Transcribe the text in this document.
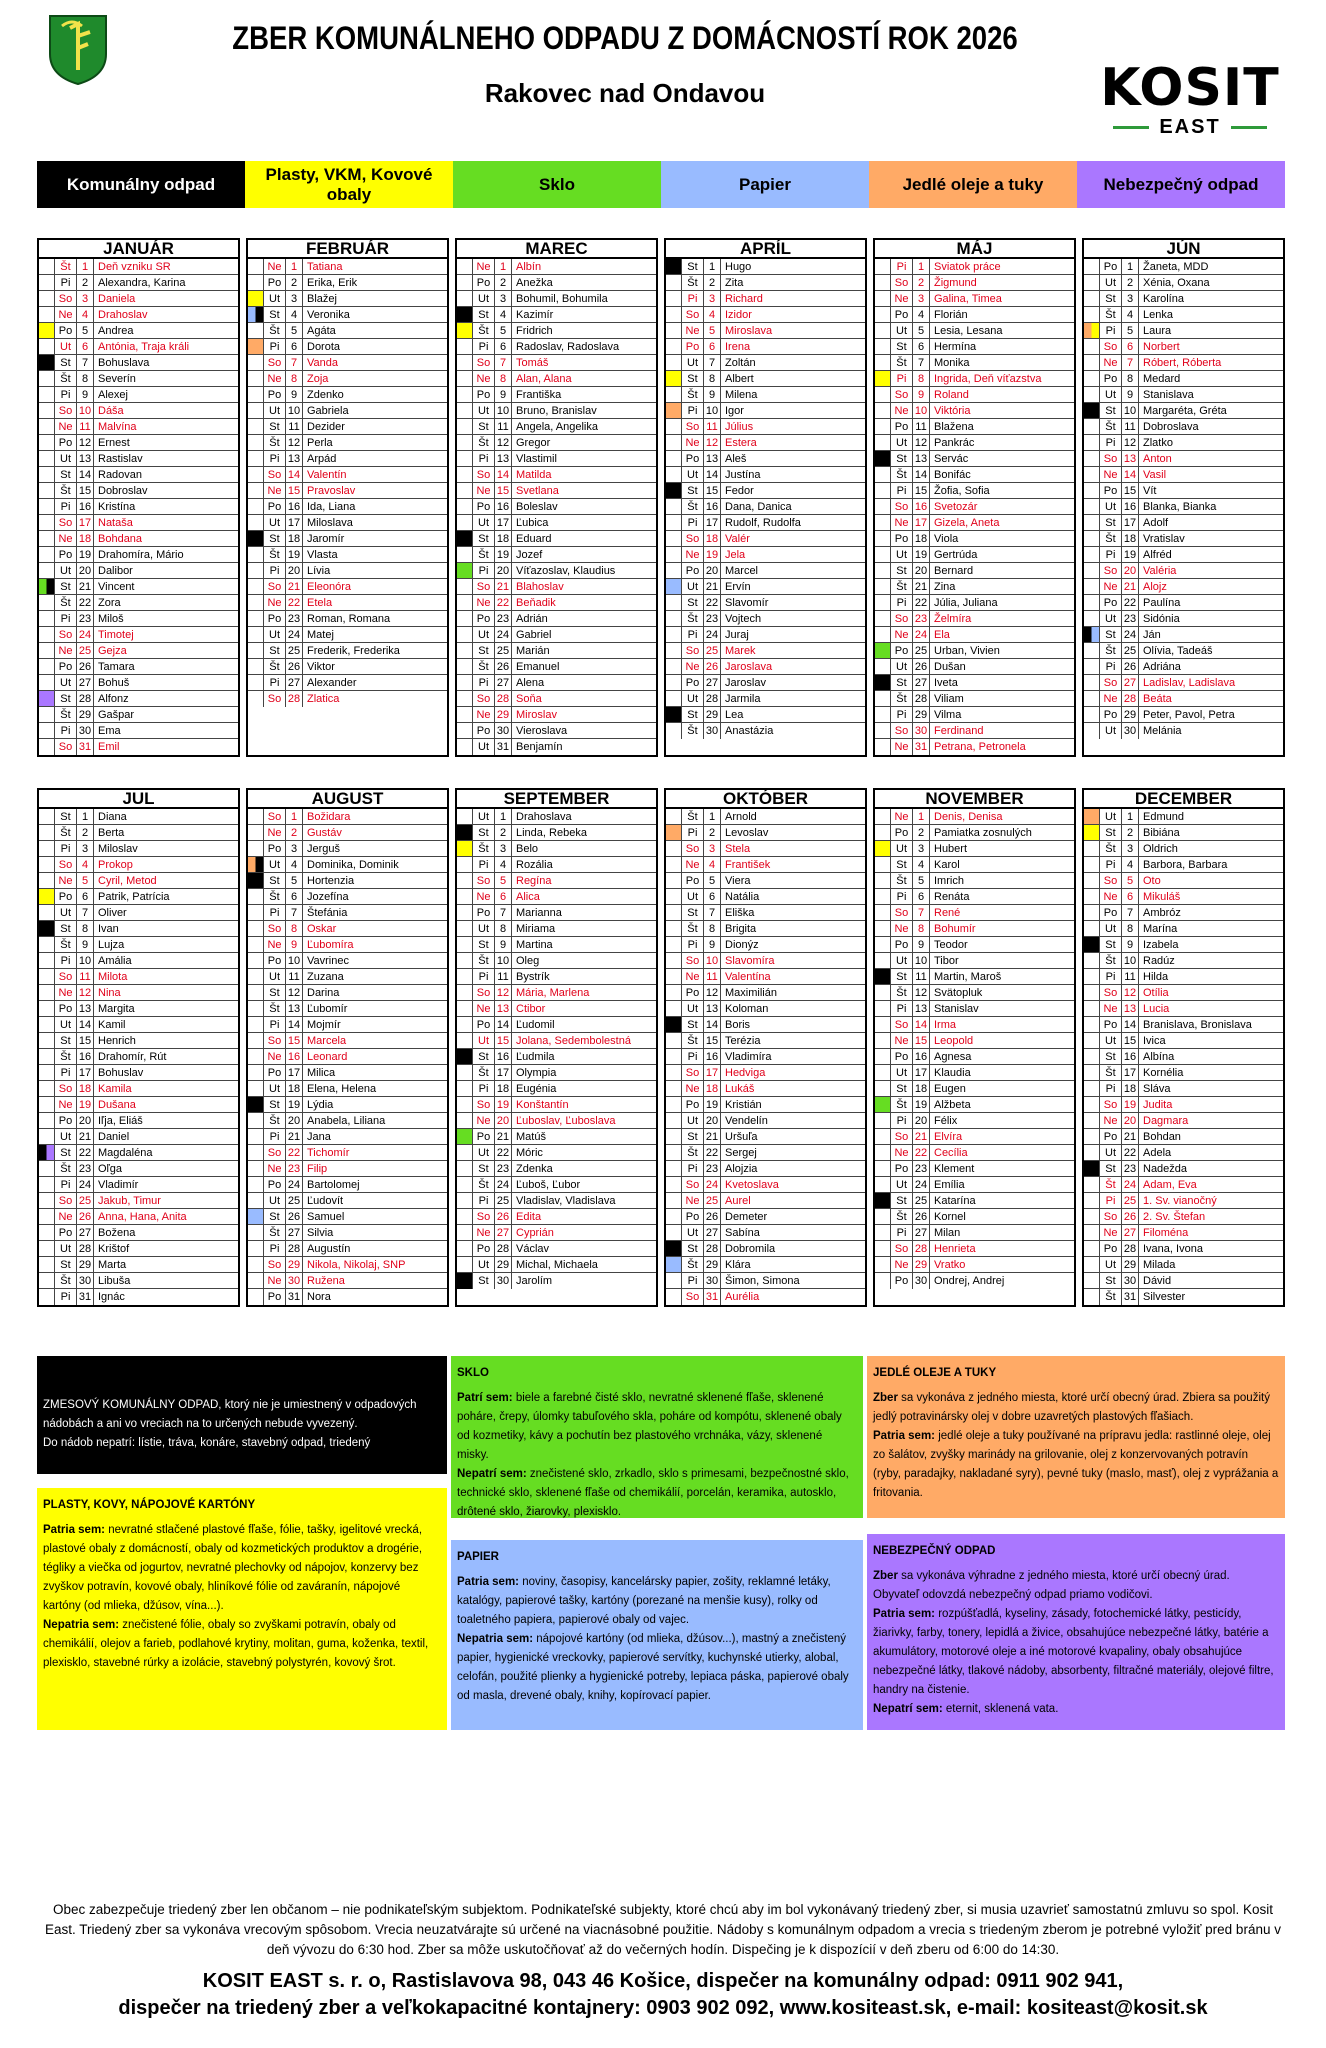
ZBER KOMUNÁLNEHO ODPADU Z DOMÁCNOSTÍ ROK 2026
Rakovec nad Ondavou	KOSIT
EAST
Komunálny odpad
Plasty, VKM, Kovové obaly
Sklo	Papier	Jedlé oleje a tuky	Nebezpečný odpad
JANUÁR
Št	1 Deň vzniku SR
Pi	2 Alexandra, Karina
So 3 Daniela
Ne 4 Drahoslav
Po 5 Andrea
Ut 6 Antónia, Traja králi
St	7 Bohuslava
Št	8 Severín
Pi	9 Alexej
So 10 Dáša
Ne 11 Malvína
Po 12 Ernest
Ut 13 Rastislav
St 14 Radovan
Št 15 Dobroslav
Pi 16 Kristína
So 17 Nataša
Ne 18 Bohdana
Po 19 Drahomíra, Mário
Ut 20 Dalibor
St 21 Vincent
Št 22 Zora
Pi 23 Miloš
So 24 Timotej
Ne 25 Gejza
Po 26 Tamara
Ut 27 Bohuš
St 28 Alfonz
Št 29 Gašpar
Pi 30 Ema
So 31 Emil
FEBRUÁR
Ne 1 Tatiana
Po 2 Erika, Erik
Ut 3 Blažej
St	4 Veronika
Št	5 Agáta
Pi	6 Dorota
So 7 Vanda
Ne 8 Zoja
Po 9 Zdenko
Ut 10 Gabriela
St 11 Dezider
Št 12 Perla
Pi 13 Arpád
So 14 Valentín
Ne 15 Pravoslav
Po 16 Ida, Liana
Ut 17 Miloslava
St 18 Jaromír
Št 19 Vlasta
Pi 20 Lívia
So 21 Eleonóra
Ne 22 Etela
Po 23 Roman, Romana
Ut 24 Matej
St 25 Frederik, Frederika
Št 26 Viktor
Pi 27 Alexander
So 28 Zlatica
MAREC
Ne 1 Albín
Po 2 Anežka
Ut 3 Bohumil, Bohumila
St	4 Kazimír
Št	5 Fridrich
Pi	6 Radoslav, Radoslava
So 7 Tomáš
Ne 8 Alan, Alana
Po 9 Františka
Ut 10 Bruno, Branislav
St 11 Angela, Angelika
Št 12 Gregor
Pi 13 Vlastimil
So 14 Matilda
Ne 15 Svetlana
Po 16 Boleslav
Ut 17 Ľubica
St 18 Eduard
Št 19 Jozef
Pi 20 Víťazoslav, Klaudius
So 21 Blahoslav
Ne 22 Beňadik
Po 23 Adrián
Ut 24 Gabriel
St 25 Marián
Št 26 Emanuel
Pi 27 Alena
So 28 Soňa
Ne 29 Miroslav
Po 30 Vieroslava
Ut 31 Benjamín
APRÍL
St	1 Hugo
Št	2 Zita
Pi	3 Richard
So 4 Izidor
Ne 5 Miroslava
Po 6 Irena
Ut 7 Zoltán
St	8 Albert
Št	9 Milena
Pi 10 Igor
So 11 Július
Ne 12 Estera
Po 13 Aleš
Ut 14 Justína
St 15 Fedor
Št 16 Dana, Danica
Pi 17 Rudolf, Rudolfa
So 18 Valér
Ne 19 Jela
Po 20 Marcel
Ut 21 Ervín
St 22 Slavomír
Št 23 Vojtech
Pi 24 Juraj
So 25 Marek
Ne 26 Jaroslava
Po 27 Jaroslav
Ut 28 Jarmila
St 29 Lea
Št 30 Anastázia
MÁJ
Pi	1 Sviatok práce
So 2 Žigmund
Ne 3 Galina, Timea
Po 4 Florián
Ut 5 Lesia, Lesana
St	6 Hermína
Št	7 Monika
Pi	8 Ingrida, Deň víťazstva
So 9 Roland
Ne 10 Viktória
Po 11 Blažena
Ut 12 Pankrác
St 13 Servác
Št 14 Bonifác
Pi 15 Žofia, Sofia
So 16 Svetozár
Ne 17 Gizela, Aneta
Po 18 Viola
Ut 19 Gertrúda
St 20 Bernard
Št 21 Zina
Pi 22 Júlia, Juliana
So 23 Želmíra
Ne 24 Ela
Po 25 Urban, Vivien
Ut 26 Dušan
St 27 Iveta
Št 28 Viliam
Pi 29 Vilma
So 30 Ferdinand
Ne 31 Petrana, Petronela
JÚN
Po 1 Žaneta, MDD
Ut 2 Xénia, Oxana
St	3 Karolína
Št	4 Lenka
Pi	5 Laura
So 6 Norbert
Ne 7 Róbert, Róberta
Po 8 Medard
Ut 9 Stanislava
St 10 Margaréta, Gréta
Št 11 Dobroslava
Pi 12 Zlatko
So 13 Anton
Ne 14 Vasil
Po 15 Vít
Ut 16 Blanka, Bianka
St 17 Adolf
Št 18 Vratislav
Pi 19 Alfréd
So 20 Valéria
Ne 21 Alojz
Po 22 Paulína
Ut 23 Sidónia
St 24 Ján
Št 25 Olívia, Tadeáš
Pi 26 Adriána
So 27 Ladislav, Ladislava
Ne 28 Beáta
Po 29 Peter, Pavol, Petra
Ut 30 Melánia
JUL
St	1 Diana
Št	2 Berta
Pi	3 Miloslav
So 4 Prokop
Ne 5 Cyril, Metod
Po 6 Patrik, Patrícia
Ut 7 Oliver
St	8 Ivan
Št	9 Lujza
Pi 10 Amália
So 11 Milota
Ne 12 Nina
Po 13 Margita
Ut 14 Kamil
St 15 Henrich
Št 16 Drahomír, Rút
Pi 17 Bohuslav
So 18 Kamila
Ne 19 Dušana
Po 20 Iľja, Eliáš
Ut 21 Daniel
St 22 Magdaléna
Št 23 Oľga
Pi 24 Vladimír
So 25 Jakub, Timur
Ne 26 Anna, Hana, Anita
Po 27 Božena
Ut 28 Krištof
St 29 Marta
Št 30 Libuša
Pi 31 Ignác
AUGUST
So 1 Božidara
Ne 2 Gustáv
Po 3 Jerguš
Ut 4 Dominika, Dominik
St	5 Hortenzia
Št	6 Jozefína
Pi	7 Štefánia
So 8 Oskar
Ne 9 Ľubomíra
Po 10 Vavrinec
Ut 11 Zuzana
St 12 Darina
Št 13 Ľubomír
Pi 14 Mojmír
So 15 Marcela
Ne 16 Leonard
Po 17 Milica
Ut 18 Elena, Helena
St 19 Lýdia
Št 20 Anabela, Liliana
Pi 21 Jana
So 22 Tichomír
Ne 23 Filip
Po 24 Bartolomej
Ut 25 Ľudovít
St 26 Samuel
Št 27 Silvia
Pi 28 Augustín
So 29 Nikola, Nikolaj, SNP
Ne 30 Ružena
Po 31 Nora
SEPTEMBER
Ut 1 Drahoslava
St	2 Linda, Rebeka
Št	3 Belo
Pi	4 Rozália
So 5 Regína
Ne 6 Alica
Po 7 Marianna
Ut 8 Miriama
St	9 Martina
Št 10 Oleg
Pi 11 Bystrík
So 12 Mária, Marlena
Ne 13 Ctibor
Po 14 Ľudomil
Ut 15 Jolana, Sedembolestná
St 16 Ľudmila
Št 17 Olympia
Pi 18 Eugénia
So 19 Konštantín
Ne 20 Ľuboslav, Ľuboslava
Po 21 Matúš
Ut 22 Móric
St 23 Zdenka
Št 24 Ľuboš, Ľubor
Pi 25 Vladislav, Vladislava
So 26 Edita
Ne 27 Cyprián
Po 28 Václav
Ut 29 Michal, Michaela
St 30 Jarolím
OKTÓBER
Št	1 Arnold
Pi	2 Levoslav
So 3 Stela
Ne 4 František
Po 5 Viera
Ut 6 Natália
St	7 Eliška
Št	8 Brigita
Pi	9 Dionýz
So 10 Slavomíra
Ne 11 Valentína
Po 12 Maximilián
Ut 13 Koloman
St 14 Boris
Št 15 Terézia
Pi 16 Vladimíra
So 17 Hedviga
Ne 18 Lukáš
Po 19 Kristián
Ut 20 Vendelín
St 21 Uršuľa
Št 22 Sergej
Pi 23 Alojzia
So 24 Kvetoslava
Ne 25 Aurel
Po 26 Demeter
Ut 27 Sabína
St 28 Dobromila
Št 29 Klára
Pi 30 Šimon, Simona
So 31 Aurélia
NOVEMBER
Ne 1 Denis, Denisa
Po 2 Pamiatka zosnulých
Ut 3 Hubert
St	4 Karol
Št	5 Imrich
Pi	6 Renáta
So 7 René
Ne 8 Bohumír
Po 9 Teodor
Ut 10 Tibor
St 11 Martin, Maroš
Št 12 Svätopluk
Pi 13 Stanislav
So 14 Irma
Ne 15 Leopold
Po 16 Agnesa
Ut 17 Klaudia
St 18 Eugen
Št 19 Alžbeta
Pi 20 Félix
So 21 Elvíra
Ne 22 Cecília
Po 23 Klement
Ut 24 Emília
St 25 Katarína
Št 26 Kornel
Pi 27 Milan
So 28 Henrieta
Ne 29 Vratko
Po 30 Ondrej, Andrej
DECEMBER
Ut 1 Edmund
St	2 Bibiána
Št	3 Oldrich
Pi	4 Barbora, Barbara
So 5 Oto
Ne 6 Mikuláš
Po 7 Ambróz
Ut 8 Marína
St	9 Izabela
Št 10 Radúz
Pi 11 Hilda
So 12 Otília
Ne 13 Lucia
Po 14 Branislava, Bronislava
Ut 15 Ivica
St 16 Albína
Št 17 Kornélia
Pi 18 Sláva
So 19 Judita
Ne 20 Dagmara
Po 21 Bohdan
Ut 22 Adela
St 23 Nadežda
Št 24 Adam, Eva
Pi 25 1. Sv. vianočný
So 26 2. Sv. Štefan
Ne 27 Filoména
Po 28 Ivana, Ivona
Ut 29 Milada
St 30 Dávid
Št 31 Silvester
ZMESOVÝ KOMUNÁLNY ODPAD, ktorý nie je umiestnený v odpadových nádobách a ani vo vreciach na to určených nebude vyvezený.
Do nádob nepatrí: lístie, tráva, konáre, stavebný odpad, triedený
PLASTY, KOVY, NÁPOJOVÉ KARTÓNY
Patria sem: nevratné stlačené plastové fľaše, fólie, tašky, igelitové vrecká, plastové obaly z domácností, obaly od kozmetických produktov a drogérie, tégliky a viečka od jogurtov, nevratné plechovky od nápojov, konzervy bez zvyškov potravín, kovové obaly, hliníkové fólie od zaváranín, nápojové kartóny (od mlieka, džúsov, vína...).
Nepatria sem: znečistené fólie, obaly so zvyškami potravín, obaly od chemikálií, olejov a farieb, podlahové krytiny, molitan, guma, koženka, textil, plexisklo, stavebné rúrky a izolácie, stavebný polystyrén, kovový šrot.
SKLO
Patrí sem: biele a farebné čisté sklo, nevratné sklenené fľaše, sklenené poháre, črepy, úlomky tabuľového skla, poháre od kompótu, sklenené obaly od kozmetiky, kávy a pochutín bez plastového vrchnáka, vázy, sklenené misky.
Nepatrí sem: znečistené sklo, zrkadlo, sklo s primesami, bezpečnostné sklo, technické sklo, sklenené fľaše od chemikálií, porcelán, keramika, autosklo, drôtené sklo, žiarovky, plexisklo.
PAPIER
Patria sem: noviny, časopisy, kancelársky papier, zošity, reklamné letáky, katalógy, papierové tašky, kartóny (porezané na menšie kusy), rolky od toaletného papiera, papierové obaly od vajec.
Nepatria sem: nápojové kartóny (od mlieka, džúsov...), mastný a znečistený papier, hygienické vreckovky, papierové servítky, kuchynské utierky, alobal, celofán, použité plienky a hygienické potreby, lepiaca páska, papierové obaly od masla, drevené obaly, knihy, kopírovací papier.
JEDLÉ OLEJE A TUKY
Zber sa vykonáva z jedného miesta, ktoré určí obecný úrad. Zbiera sa použitý jedlý potravinársky olej v dobre uzavretých plastových fľašiach.
Patria sem: jedlé oleje a tuky používané na prípravu jedla: rastlinné oleje, olej zo šalátov, zvyšky marinády na grilovanie, olej z konzervovaných potravín (ryby, paradajky, nakladané syry), pevné tuky (maslo, masť), olej z vyprážania a fritovania.
NEBEZPEČNÝ ODPAD
Zber sa vykonáva výhradne z jedného miesta, ktoré určí obecný úrad. Obyvateľ odovzdá nebezpečný odpad priamo vodičovi.
Patria sem: rozpúšťadlá, kyseliny, zásady, fotochemické látky, pesticídy, žiarivky, farby, tonery, lepidlá a živice, obsahujúce nebezpečné látky, batérie a akumulátory, motorové oleje a iné motorové kvapaliny, obaly obsahujúce nebezpečné látky, tlakové nádoby, absorbenty, filtračné materiály, olejové filtre, handry na čistenie.
Nepatrí sem: eternit, sklenená vata.
Obec zabezpečuje triedený zber len občanom – nie podnikateľským subjektom. Podnikateľské subjekty, ktoré chcú aby im bol vykonávaný triedený zber, si musia uzavrieť samostatnú zmluvu so spol. Kosit East. Triedený zber sa vykonáva vrecovým spôsobom. Vrecia neuzatvárajte sú určené na viacnásobné použitie. Nádoby s komunálnym odpadom a vrecia s triedeným zberom je potrebné vyložiť pred bránu v deň vývozu do 6:30 hod. Zber sa môže uskutočňovať až do večerných hodín. Dispečing je k dispozícií v deň zberu od 6:00 do 14:30.
KOSIT EAST s. r. o, Rastislavova 98, 043 46 Košice, dispečer na komunálny odpad: 0911 902 941,
dispečer na triedený zber a veľkokapacitné kontajnery: 0903 902 092, www.kositeast.sk, e-mail: kositeast@kosit.sk
